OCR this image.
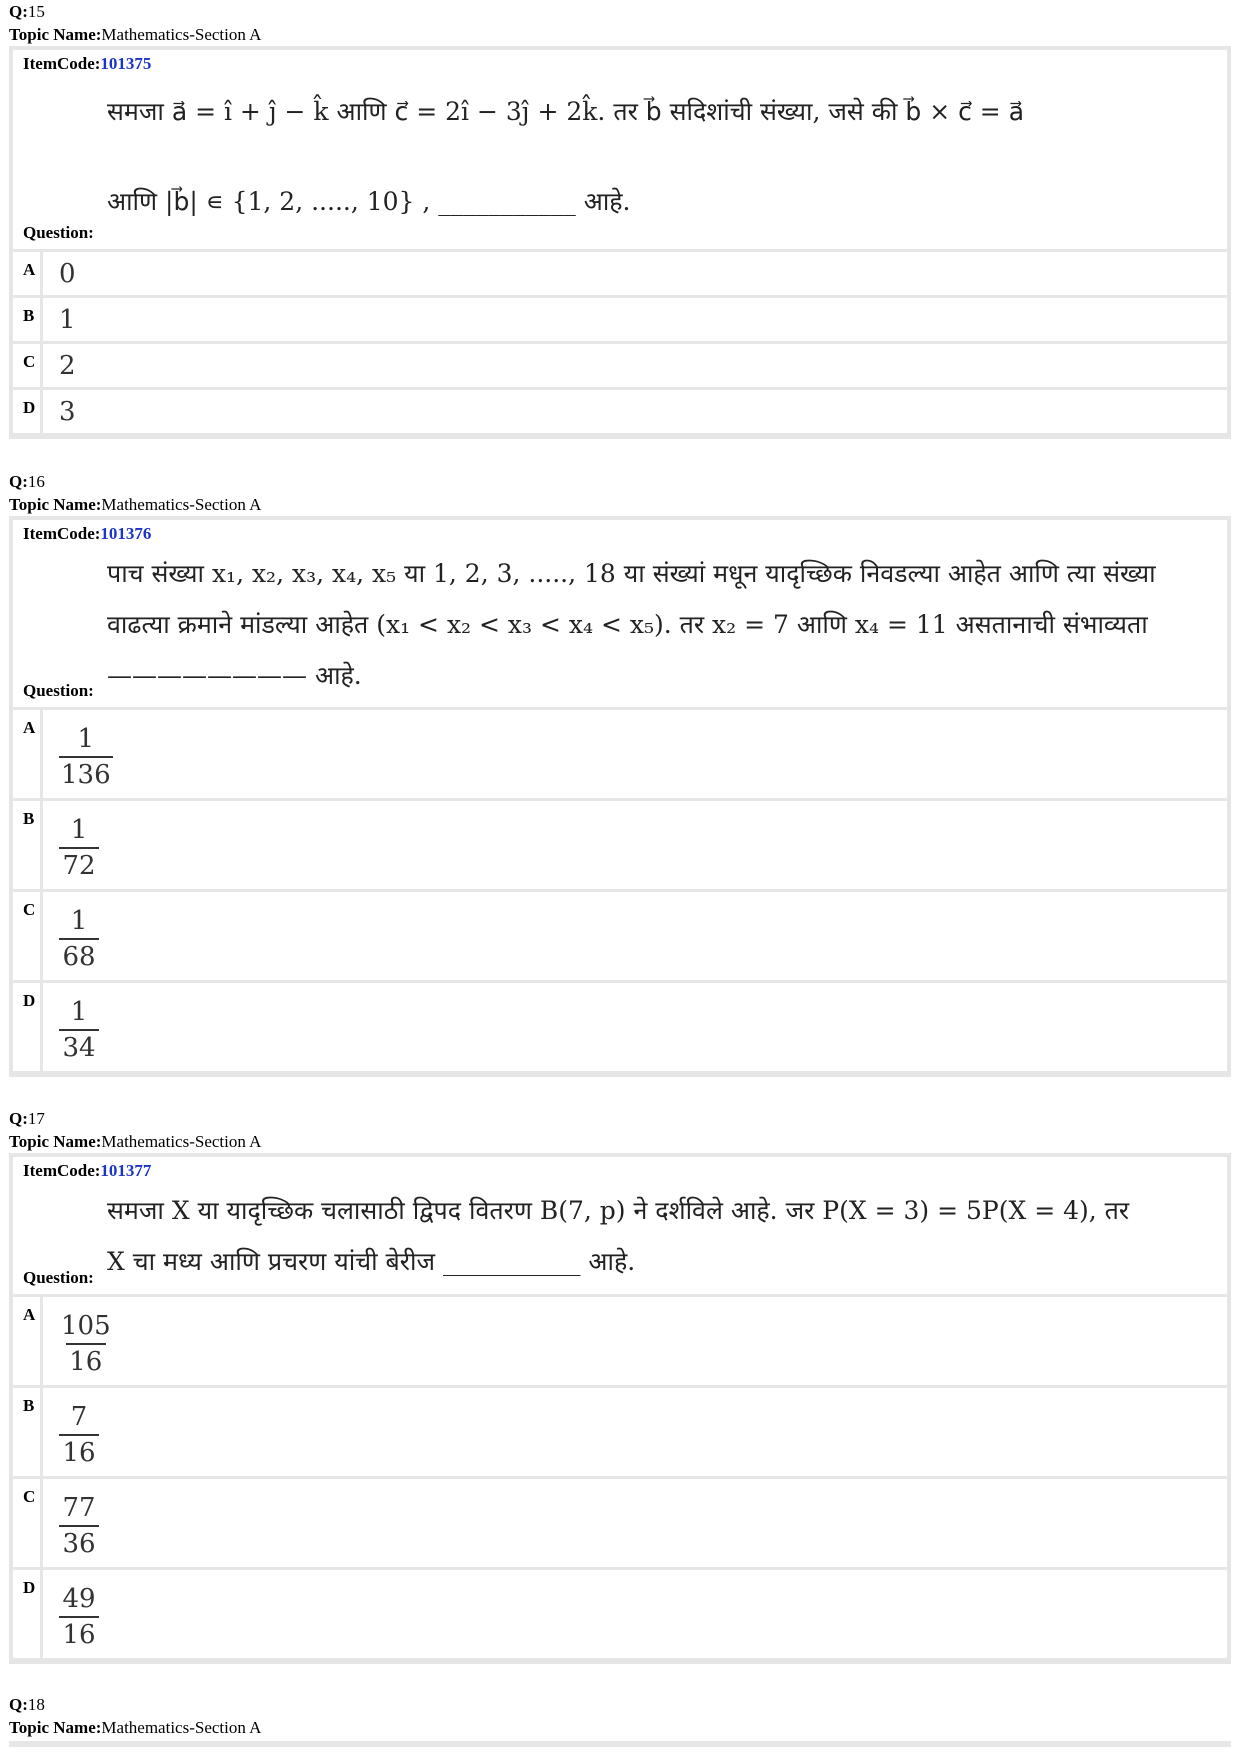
Q:15
Topic Name:Mathematics-Section A
ItemCode:101375
समजा a⃗ = î + ĵ − k̂ आणि c⃗ = 2î − 3ĵ + 2k̂. तर b⃗ सदिशांची संख्या, जसे की b⃗ × c⃗ = a⃗
आणि |b⃗| ∊ {1, 2, ....., 10} , ___________ आहे.
Question:
A 0
B 1
C 2
D 3
Q:16
Topic Name:Mathematics-Section A
ItemCode:101376
पाच संख्या x₁, x₂, x₃, x₄, x₅ या 1, 2, 3, ....., 18 या संख्यां मधून यादृच्छिक निवडल्या आहेत आणि त्या संख्या
वाढत्या क्रमाने मांडल्या आहेत (x₁ < x₂ < x₃ < x₄ < x₅). तर x₂ = 7 आणि x₄ = 11 असतानाची संभाव्यता
———————— आहे.
Question:
A $\frac{1}{136}$
B $\frac{1}{72}$
C $\frac{1}{68}$
D $\frac{1}{34}$
Q:17
Topic Name:Mathematics-Section A
ItemCode:101377
समजा X या यादृच्छिक चलासाठी द्विपद वितरण B(7, p) ने दर्शविले आहे. जर P(X = 3) = 5P(X = 4), तर
X चा मध्य आणि प्रचरण यांची बेरीज ___________ आहे.
Question:
A $\frac{105}{16}$
B $\frac{7}{16}$
C $\frac{77}{36}$
D $\frac{49}{16}$
Q:18
Topic Name:Mathematics-Section A
